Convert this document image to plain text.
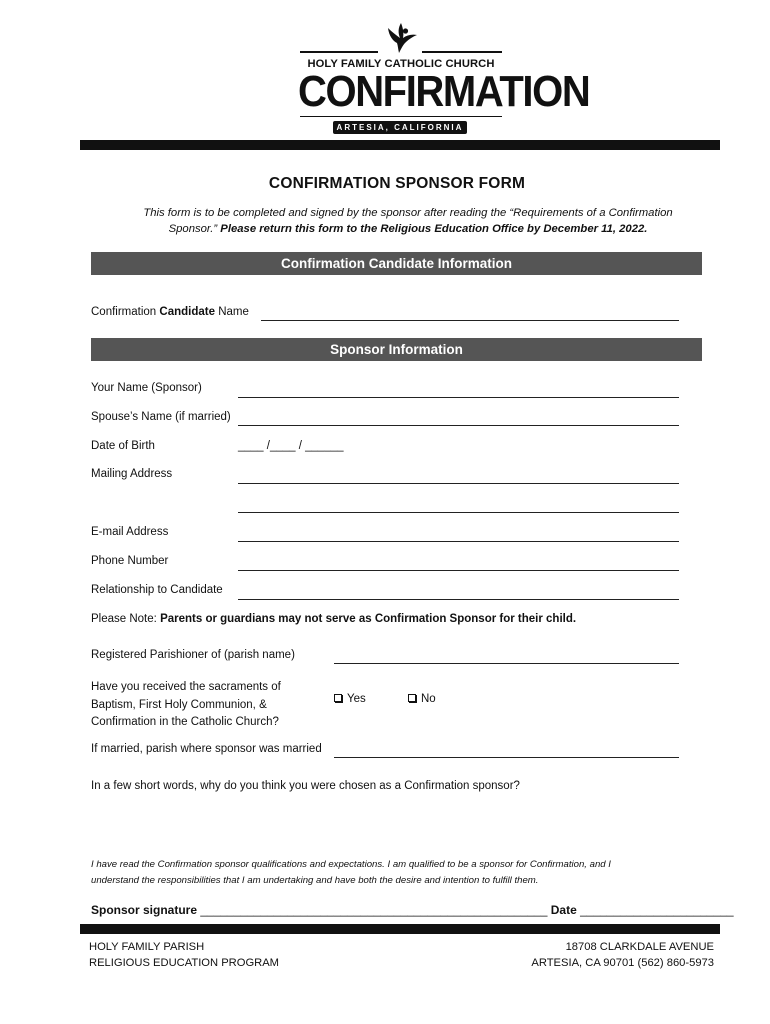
HOLY FAMILY CATHOLIC CHURCH
CONFIRMATION
ARTESIA, CALIFORNIA
CONFIRMATION SPONSOR FORM
This form is to be completed and signed by the sponsor after reading the “Requirements of a Confirmation
Sponsor.” Please return this form to the Religious Education Office by December 11, 2022.
Confirmation Candidate Information
Confirmation Candidate Name
Sponsor Information
Your Name (Sponsor)
Spouse’s Name (if married)
Date of Birth	____ /____ / ______
Mailing Address
E-mail Address
Phone Number
Relationship to Candidate
Please Note: Parents or guardians may not serve as Confirmation Sponsor for their child.
Registered Parishioner of (parish name)
Have you received the sacraments of
Baptism, First Holy Communion, &
Confirmation in the Catholic Church?
Yes	No
If married, parish where sponsor was married
In a few short words, why do you think you were chosen as a Confirmation sponsor?
I have read the Confirmation sponsor qualifications and expectations. I am qualified to be a sponsor for Confirmation, and I
understand the responsibilities that I am undertaking and have both the desire and intention to fulfill them.
Sponsor signature ____________________________________________________ Date _______________________
HOLY FAMILY PARISH
RELIGIOUS EDUCATION PROGRAM
18708 CLARKDALE AVENUE
ARTESIA, CA 90701 (562) 860-5973
